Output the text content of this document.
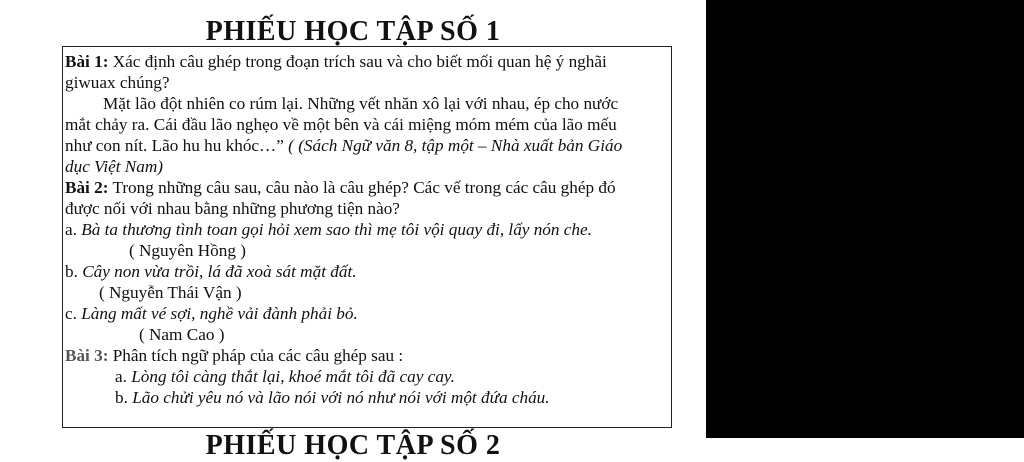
PHIẾU HỌC TẬP SỐ 1

Bài 1: Xác định câu ghép trong đoạn trích sau và cho biết mối quan hệ ý nghãi

giwuax chúng?

Mặt lão đột nhiên co rúm lại. Những vết nhăn xô lại với nhau, ép cho nước

mắt chảy ra. Cái đầu lão nghẹo về một bên và cái miệng móm mém của lão mếu

như con nít. Lão hu hu khóc…” ( (Sách Ngữ văn 8, tập một – Nhà xuất bản Giáo

dục Việt Nam)

Bài 2: Trong những câu sau, câu nào là câu ghép? Các vế trong các câu ghép đó

được nối với nhau bằng những phương tiện nào?

a. Bà ta thương tình toan gọi hỏi xem sao thì mẹ tôi vội quay đi, lấy nón che.

( Nguyên Hồng )

b. Cây non vừa trồi, lá đã xoà sát mặt đất.

( Nguyễn Thái Vận )

c. Làng mất vé sợi, nghề vải đành phải bỏ.

( Nam Cao )

Bài 3: Phân tích ngữ pháp của các câu ghép sau :

a. Lòng tôi càng thắt lại, khoé mắt tôi đã cay cay.

b. Lão chửi yêu nó và lão nói với nó như nói với một đứa cháu.

PHIẾU HỌC TẬP SỐ 2
